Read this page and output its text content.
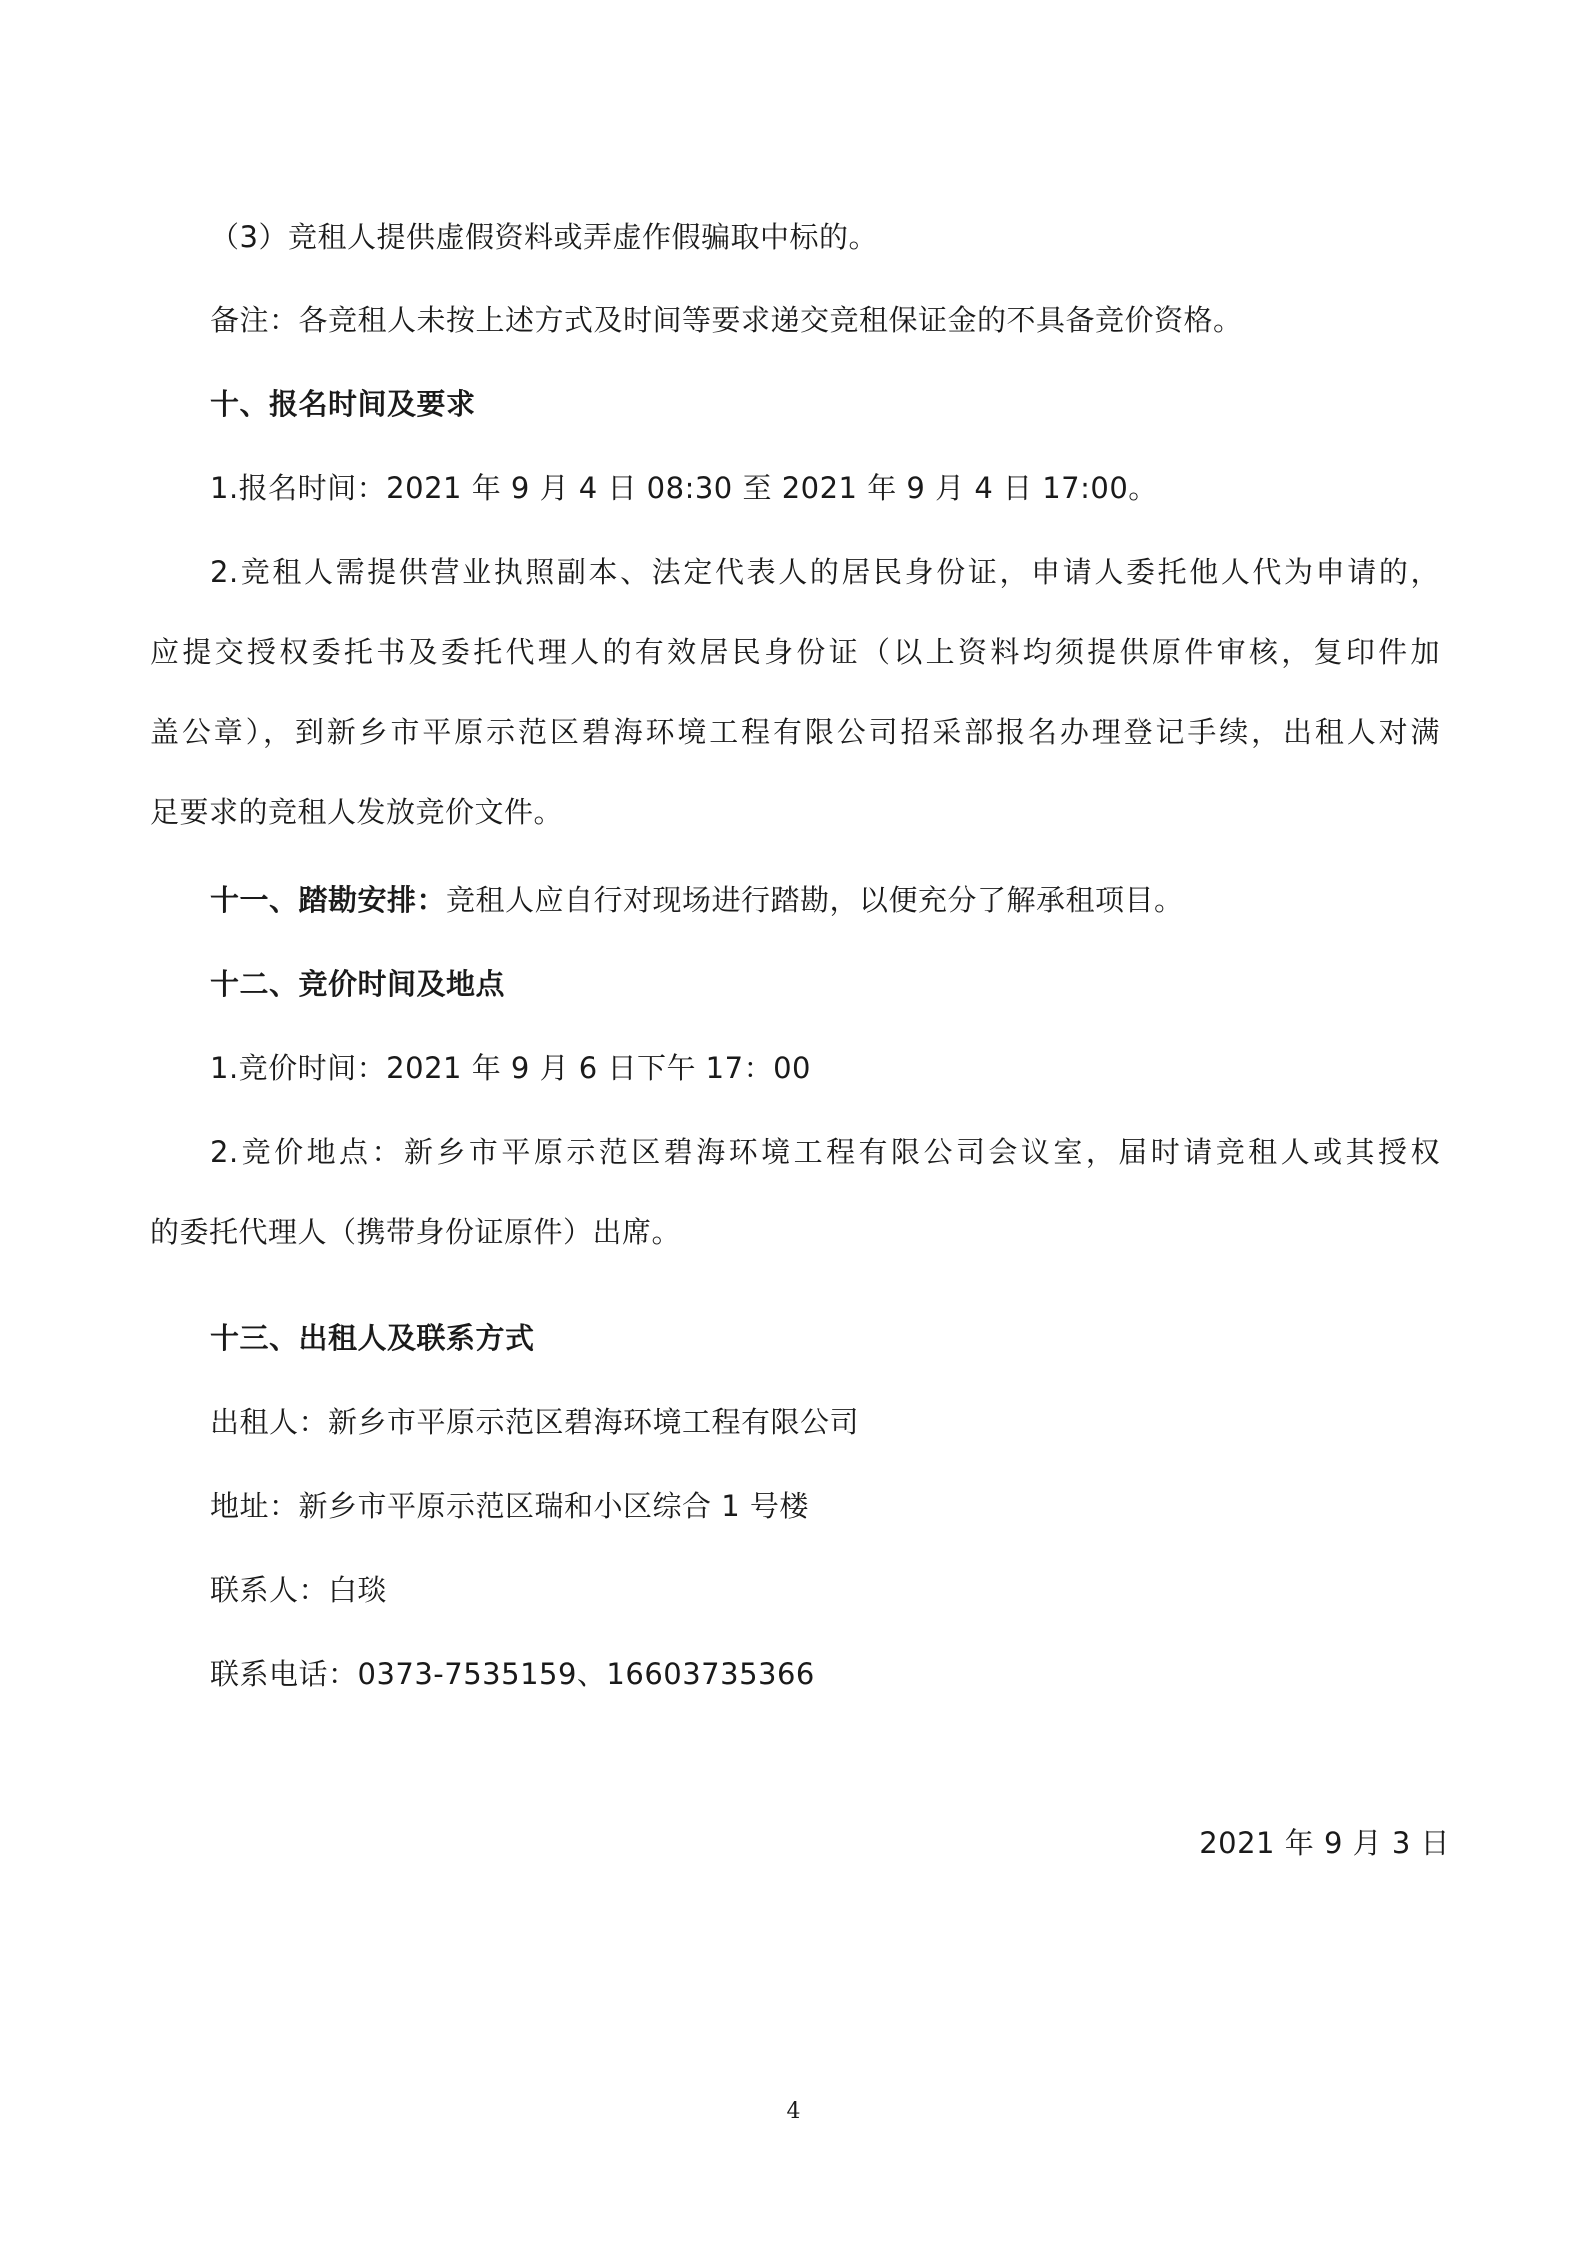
（3）竞租人提供虚假资料或弄虚作假骗取中标的。
备注：各竞租人未按上述方式及时间等要求递交竞租保证金的不具备竞价资格。
十、报名时间及要求
1.报名时间：2021 年 9 月 4 日 08:30 至 2021 年 9 月 4 日 17:00。
2.竞租人需提供营业执照副本、法定代表人的居民身份证，申请人委托他人代为申请的，
应提交授权委托书及委托代理人的有效居民身份证（以上资料均须提供原件审核，复印件加
盖公章），到新乡市平原示范区碧海环境工程有限公司招采部报名办理登记手续，出租人对满
足要求的竞租人发放竞价文件。
十一、踏勘安排：竞租人应自行对现场进行踏勘，以便充分了解承租项目。
十二、竞价时间及地点
1.竞价时间：2021 年 9 月 6 日下午 17：00
2.竞价地点：新乡市平原示范区碧海环境工程有限公司会议室，届时请竞租人或其授权
的委托代理人（携带身份证原件）出席。
十三、出租人及联系方式
出租人：新乡市平原示范区碧海环境工程有限公司
地址：新乡市平原示范区瑞和小区综合 1 号楼
联系人：白琰
联系电话：0373-7535159、16603735366
2021 年 9 月 3 日
4
